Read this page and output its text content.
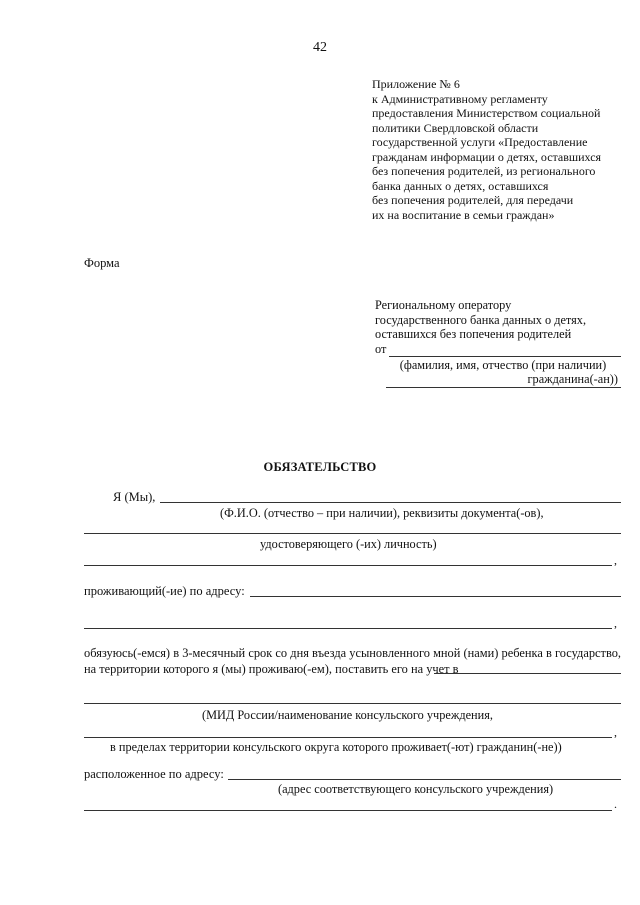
42
Приложение № 6
к Административному регламенту
предоставления Министерством социальной
политики Свердловской области
государственной услуги «Предоставление
гражданам информации о детях, оставшихся
без попечения родителей, из регионального
банка данных о детях, оставшихся
без попечения родителей, для передачи
их на воспитание в семьи граждан»
Форма
Региональному оператору
государственного банка данных о детях,
оставшихся без попечения родителей
от
(фамилия, имя, отчество (при наличии)
гражданина(-ан))
ОБЯЗАТЕЛЬСТВО
Я (Мы),
(Ф.И.О. (отчество – при наличии), реквизиты документа(-ов),
удостоверяющего (-их) личность)
,
проживающий(-ие) по адресу:
,
обязуюсь(-емся) в 3-месячный срок со дня въезда усыновленного мной (нами) ребенка в государство, на территории которого я (мы) проживаю(-ем), поставить его на учет в
(МИД России/наименование консульского учреждения,
,
в пределах территории консульского округа которого проживает(-ют) гражданин(-не))
расположенное по адресу:
(адрес соответствующего консульского учреждения)
.
